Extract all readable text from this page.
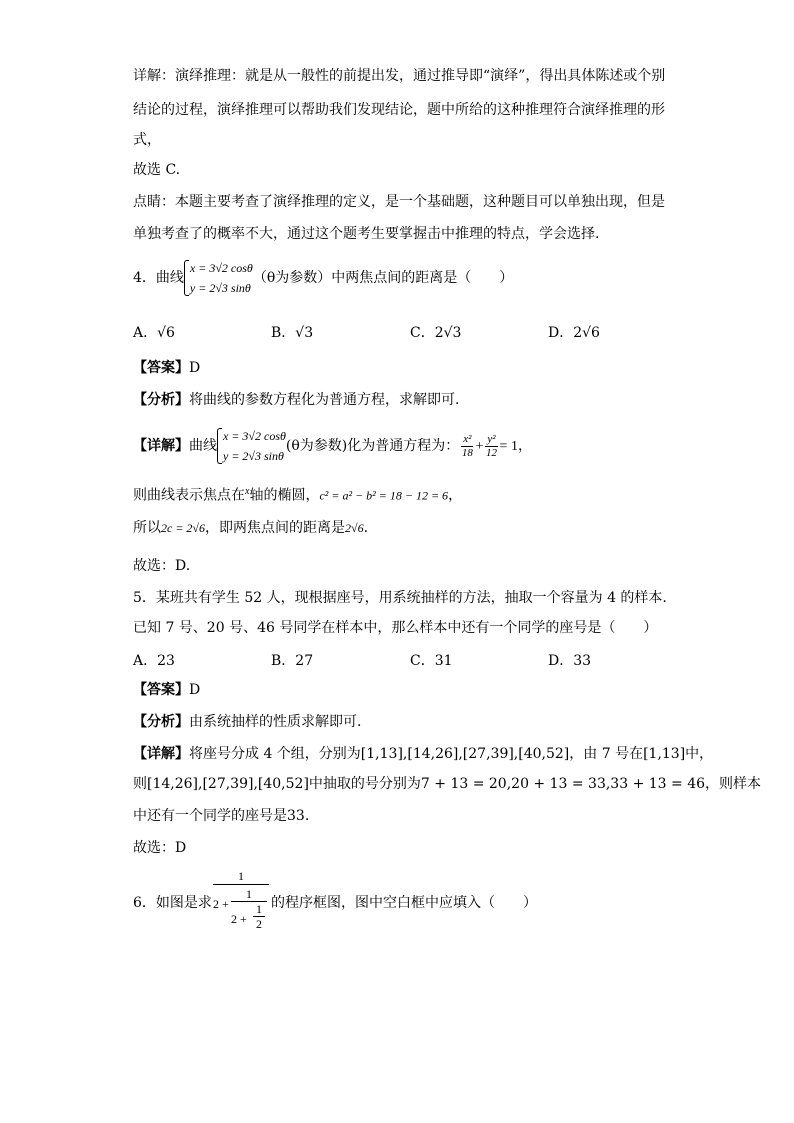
详解：演绎推理：就是从一般性的前提出发，通过推导即“演绎”，得出具体陈述或个别
结论的过程，演绎推理可以帮助我们发现结论，题中所给的这种推理符合演绎推理的形
式，
故选 C.
点睛：本题主要考查了演绎推理的定义，是一个基础题，这种题目可以单独出现，但是
单独考查了的概率不大，通过这个题考生要掌握击中推理的特点，学会选择.
4．曲线
x = 3√2 cosθ
y = 2√3 sinθ
（θ为参数）中两焦点间的距离是（　　）
A．√6	B．√3	C．2√3	D．2√6
【答案】D
【分析】将曲线的参数方程化为普通方程，求解即可.
【详解】曲线
x = 3√2 cosθ
y = 2√3 sinθ
(θ为参数)化为普通方程为： $\frac{\text{x²}}{18} + \frac{\text{y²}}{12} = 1$，
则曲线表示焦点在$^x$轴的椭圆，c² = a² − b² = 18 − 12 = 6，
所以2c = 2√6，即两焦点间的距离是2√6.
故选：D.
5．某班共有学生 52 人，现根据座号，用系统抽样的方法，抽取一个容量为 4 的样本.
已知 7 号、20 号、46 号同学在样本中，那么样本中还有一个同学的座号是（　　）
A．23	B．27	C．31	D．33
【答案】D
【分析】由系统抽样的性质求解即可.
【详解】将座号分成 4 个组，分别为[1,13],[14,26],[27,39],[40,52]，由 7 号在[1,13]中，
则[14,26],[27,39],[40,52]中抽取的号分别为7 + 13 = 20,20 + 13 = 33,33 + 13 = 46，则样本
中还有一个同学的座号是33.
故选：D
6．如图是求
1
2 +
1
$2 + \frac{1}{2}$ 的程序框图，图中空白框中应填入（　　）
